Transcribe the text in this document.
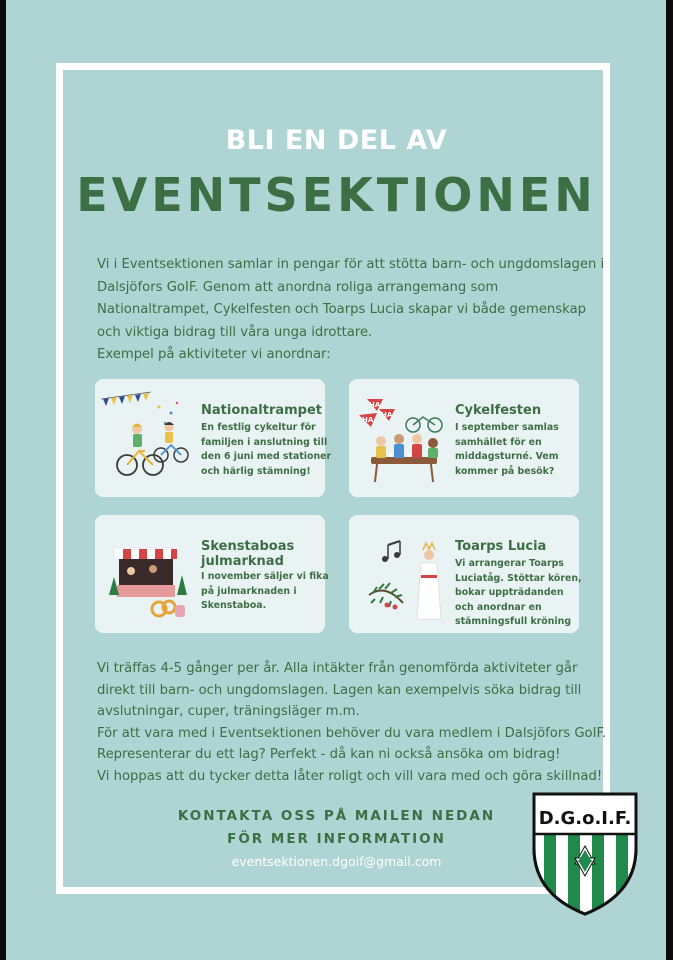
BLI EN DEL AV
EVENTSEKTIONEN
Vi i Eventsektionen samlar in pengar för att stötta barn- och ungdomslagen i
Dalsjöfors GoIF. Genom att anordna roliga arrangemang som
Nationaltrampet, Cykelfesten och Toarps Lucia skapar vi både gemenskap
och viktiga bidrag till våra unga idrottare.
Exempel på aktiviteter vi anordnar:
Nationaltrampet
En festlig cykeltur för
familjen i anslutning till
den 6 juni med stationer
och härlig stämning!
HA
HA
HA	Cykelfesten
I september samlas
samhället för en
middagsturné. Vem
kommer på besök?
Skenstaboas
julmarknad
I november säljer vi fika
på julmarknaden i
Skenstaboa.
Toarps Lucia
Vi arrangerar Toarps
Luciatåg. Stöttar kören,
bokar uppträdanden
och anordnar en
stämningsfull kröning
Vi träffas 4-5 gånger per år. Alla intäkter från genomförda aktiviteter går
direkt till barn- och ungdomslagen. Lagen kan exempelvis söka bidrag till
avslutningar, cuper, träningsläger m.m.
För att vara med i Eventsektionen behöver du vara medlem i Dalsjöfors GoIF.
Representerar du ett lag? Perfekt - då kan ni också ansöka om bidrag!
Vi hoppas att du tycker detta låter roligt och vill vara med och göra skillnad!
KONTAKTA OSS PÅ MAILEN NEDAN
FÖR MER INFORMATION
eventsektionen.dgoif@gmail.com
D.G.o.I.F.
